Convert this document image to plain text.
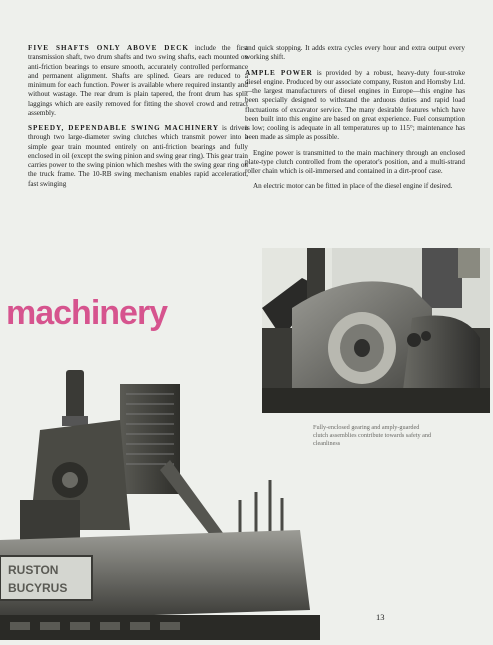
FIVE SHAFTS ONLY ABOVE DECK include the first transmission shaft, two drum shafts and two swing shafts, each mounted on anti-friction bearings to ensure smooth, accurately controlled performance and permanent alignment. Shafts are splined. Gears are reduced to a minimum for each function. Power is available where required instantly and without wastage. The rear drum is plain tapered, the front drum has split laggings which are easily removed for fitting the shovel crowd and retract assembly.

SPEEDY, DEPENDABLE SWING MACHINERY is driven through two large-diameter swing clutches which transmit power into a simple gear train mounted entirely on anti-friction bearings and fully enclosed in oil (except the swing pinion and swing gear ring). This gear train carries power to the swing pinion which meshes with the swing gear ring on the truck frame. The 10-RB swing mechanism enables rapid acceleration, fast swinging

and quick stopping. It adds extra cycles every hour and extra output every working shift.

AMPLE POWER is provided by a robust, heavy-duty four-stroke diesel engine. Produced by our associate company, Ruston and Hornsby Ltd.—the largest manufacturers of diesel engines in Europe—this engine has been specially designed to withstand the arduous duties and rapid load fluctuations of excavator service. The many desirable features which have been built into this engine are based on great experience. Fuel consumption is low; cooling is adequate in all temperatures up to 115°; maintenance has been made as simple as possible.

Engine power is transmitted to the main machinery through an enclosed plate-type clutch controlled from the operator's position, and a multi-strand roller chain which is oil-immersed and contained in a dirt-proof case.

An electric motor can be fitted in place of the diesel engine if desired.

Fully-enclosed gearing and amply-guarded clutch assemblies contribute towards safety and cleanliness
machinery
RUSTON
BUCYRUS
13
